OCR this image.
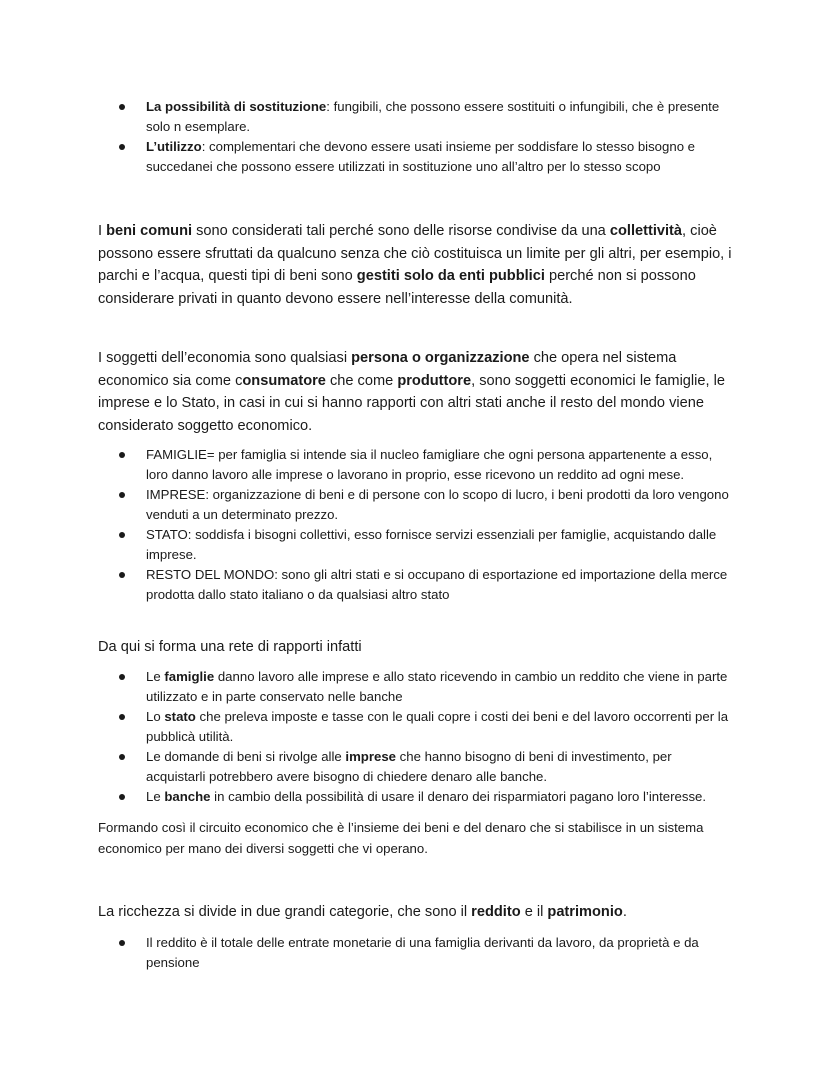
La possibilità di sostituzione: fungibili, che possono essere sostituiti o infungibili, che è presente solo n esemplare.
L’utilizzo: complementari che devono essere usati insieme per soddisfare lo stesso bisogno e succedanei che possono essere utilizzati in sostituzione uno all’altro per lo stesso scopo

I beni comuni sono considerati tali perché sono delle risorse condivise da una collettività, cioè possono essere sfruttati da qualcuno senza che ciò costituisca un limite per gli altri, per esempio, i parchi e l’acqua, questi tipi di beni sono gestiti solo da enti pubblici perché non si possono considerare privati in quanto devono essere nell’interesse della comunità.

I soggetti dell’economia sono qualsiasi persona o organizzazione che opera nel sistema economico sia come consumatore che come produttore, sono soggetti economici le famiglie, le imprese e lo Stato, in casi in cui si hanno rapporti con altri stati anche il resto del mondo viene considerato soggetto economico.

FAMIGLIE= per famiglia si intende sia il nucleo famigliare che ogni persona appartenente a esso, loro danno lavoro alle imprese o lavorano in proprio, esse ricevono un reddito ad ogni mese.
IMPRESE: organizzazione di beni e di persone con lo scopo di lucro, i beni prodotti da loro vengono venduti a un determinato prezzo.
STATO: soddisfa i bisogni collettivi, esso fornisce servizi essenziali per famiglie, acquistando dalle imprese.
RESTO DEL MONDO: sono gli altri stati e si occupano di esportazione ed importazione della merce prodotta dallo stato italiano o da qualsiasi altro stato

Da qui si forma una rete di rapporti infatti

Le famiglie danno lavoro alle imprese e allo stato ricevendo in cambio un reddito che viene in parte utilizzato e in parte conservato nelle banche
Lo stato che preleva imposte e tasse con le quali copre i costi dei beni e del lavoro occorrenti per la pubblicà utilità.
Le domande di beni si rivolge alle imprese che hanno bisogno di beni di investimento, per acquistarli potrebbero avere bisogno di chiedere denaro alle banche.
Le banche in cambio della possibilità di usare il denaro dei risparmiatori pagano loro l’interesse.

Formando così il circuito economico che è l’insieme dei beni e del denaro che si stabilisce in un sistema economico per mano dei diversi soggetti che vi operano.

La ricchezza si divide in due grandi categorie, che sono il reddito e il patrimonio.

Il reddito è il totale delle entrate monetarie di una famiglia derivanti da lavoro, da proprietà e da pensione
